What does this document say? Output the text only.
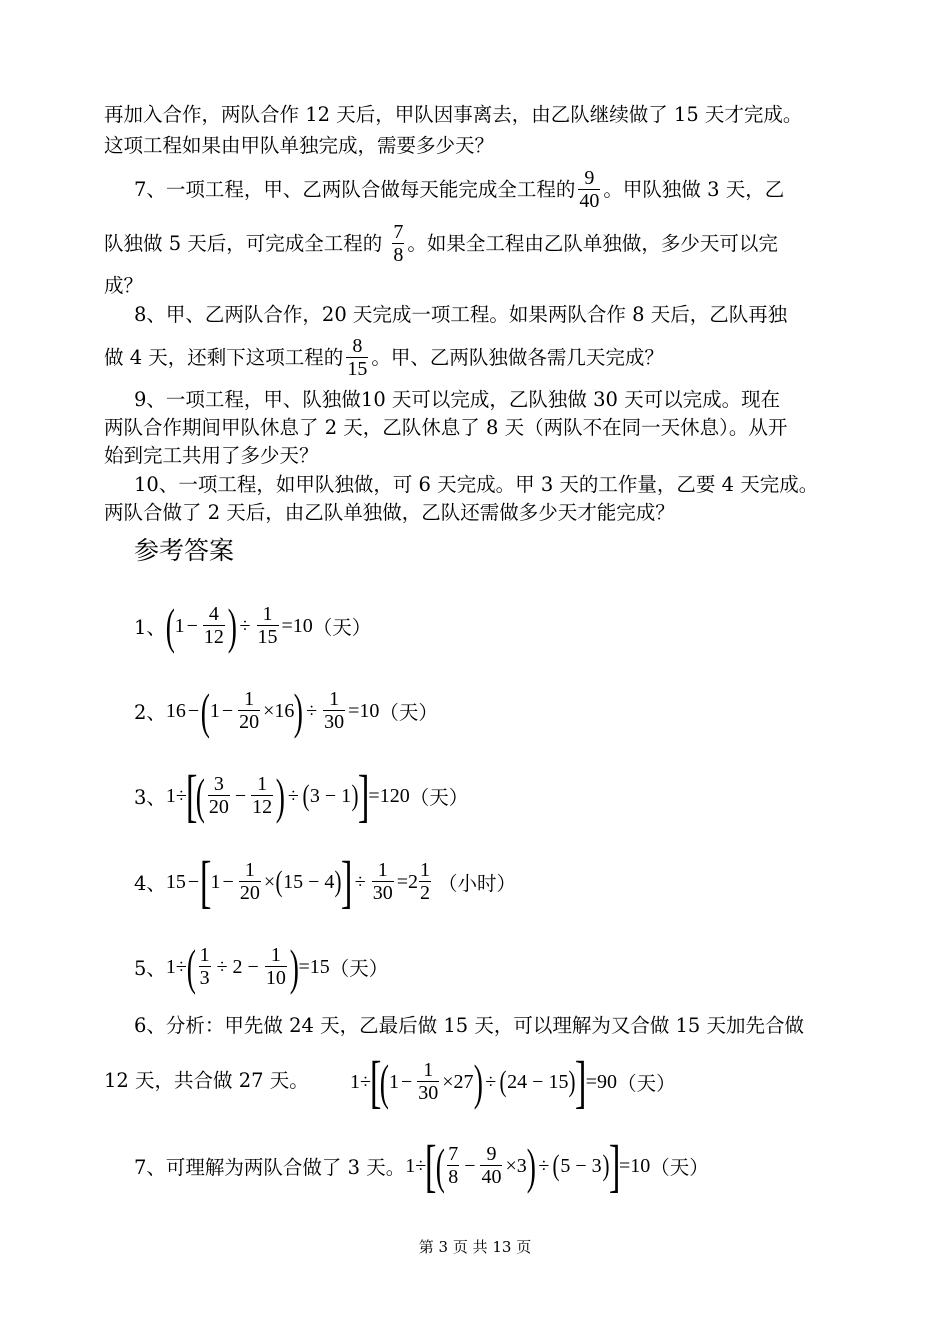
再加入合作，两队合作 12 天后，甲队因事离去，由乙队继续做了 15 天才完成。
这项工程如果由甲队单独完成，需要多少天？
7、一项工程，甲、乙两队合做每天能完成全工程的 $\frac{9}{40}$ 。甲队独做 3 天，乙
队独做 5 天后，可完成全工程的 $\frac{7}{8}$ 。如果全工程由乙队单独做，多少天可以完
成？
8、甲、乙两队合作，20 天完成一项工程。如果两队合作 8 天后，乙队再独
做 4 天，还剩下这项工程的 $\frac{8}{15}$ 。甲、乙两队独做各需几天完成？
9、一项工程，甲、队独做10 天可以完成，乙队独做 30 天可以完成。现在
两队合作期间甲队休息了 2 天，乙队休息了 8 天（两队不在同一天休息）。从开
始到完工共用了多少天？
10、一项工程，如甲队独做，可 6 天完成。甲 3 天的工作量，乙要 4 天完成。
两队合做了 2 天后，由乙队单独做，乙队还需做多少天才能完成？
参考答案
1、 ( $1 - \frac{4}{12}$ ) ÷ $\frac{1}{15} =10$ （天）
2、 16 − ( $1 - \frac{1}{20} \times 16$ ) ÷ $\frac{1}{30} =10$ （天）
3、 1÷
[
( $\frac{3}{20} - \frac{1}{12}$ ) ÷ ( 3 − 1 ) ]
=120 （天）
4、 15 − [
$1 - \frac{1}{20}$ × ( 15 − 4 ) ] ÷ $\frac{1}{30} =2 \frac{1}{2}$ （小时）
5、 1÷ ( $\frac{1}{3} \div 2 - \frac{1}{10}$ ) =15 （天）
6、分析：甲先做 24 天，乙最后做 15 天，可以理解为又合做 15 天加先合做
12 天，共合做 27 天。 1÷
[
( $1 - \frac{1}{30} \times 27$ ) ÷ ( 24 − 15 ) ]
=90 （天）
7、可理解为两队合做了 3 天。 1÷
[
( $\frac{7}{8} - \frac{9}{40} \times 3$ ) ÷ ( 5 − 3 ) ]
=10 （天）
第 3 页 共 13 页
